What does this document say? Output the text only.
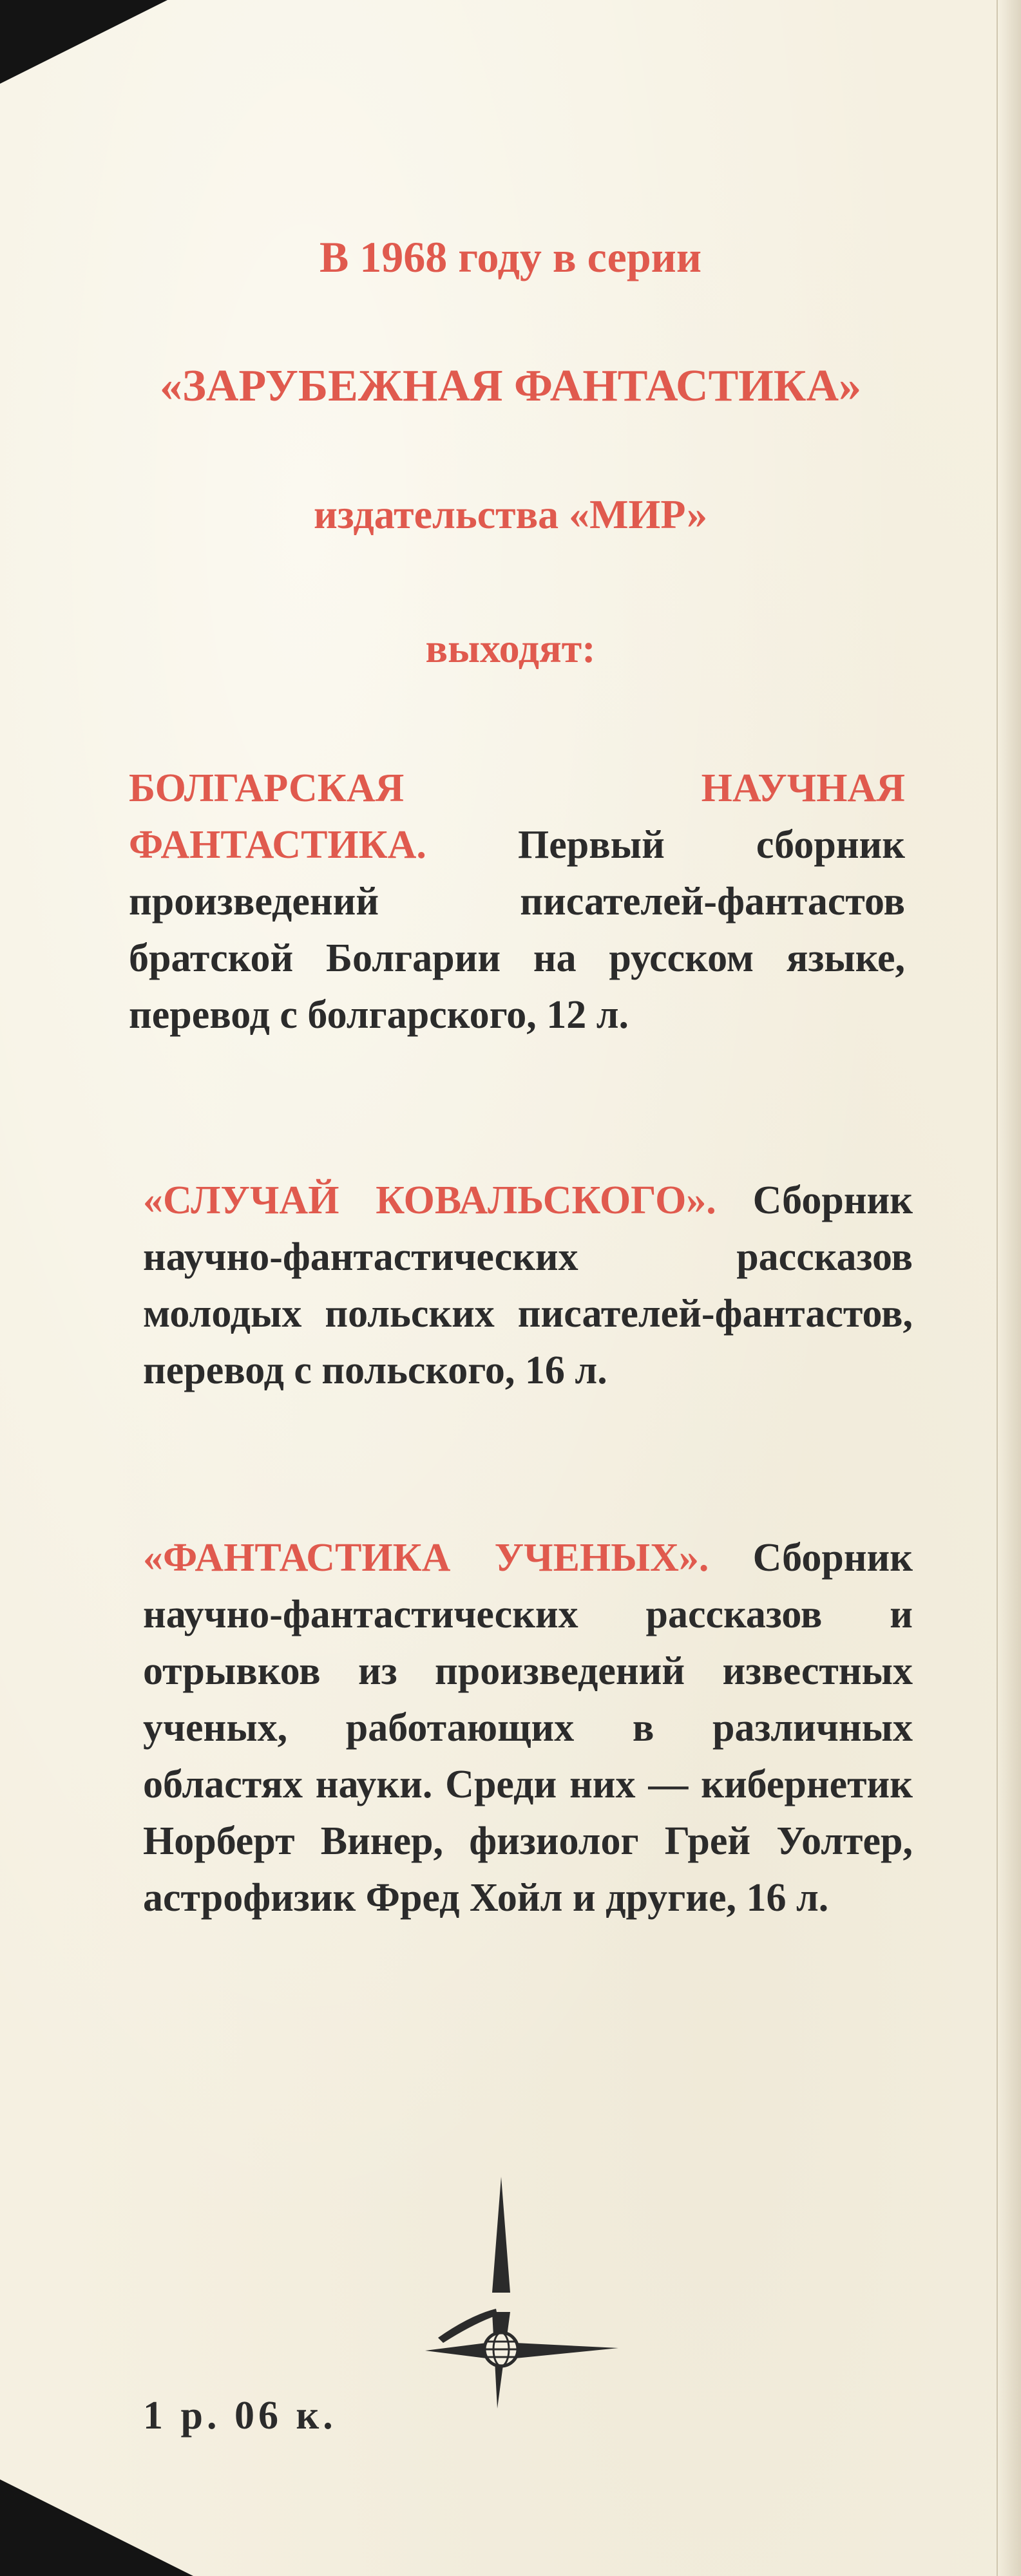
В 1968 году в серии

«ЗАРУБЕЖНАЯ ФАНТАСТИКА»

издательства «МИР»

выходят:

БОЛГАРСКАЯ НАУЧНАЯ ФАНТАСТИКА. Первый сборник произведений писателей-фантастов братской Болгарии на русском языке, перевод с болгарского, 12 л.

«СЛУЧАЙ КОВАЛЬСКОГО». Сборник научно-фантастических рассказов молодых польских писателей-фантастов, перевод с польского, 16 л.

«ФАНТАСТИКА УЧЕНЫХ». Сборник научно-фантастических рассказов и отрывков из произведений известных ученых, работающих в различных областях науки. Среди них — кибернетик Норберт Винер, физиолог Грей Уолтер, астрофизик Фред Хойл и другие, 16 л.

1 р. 06 к.
